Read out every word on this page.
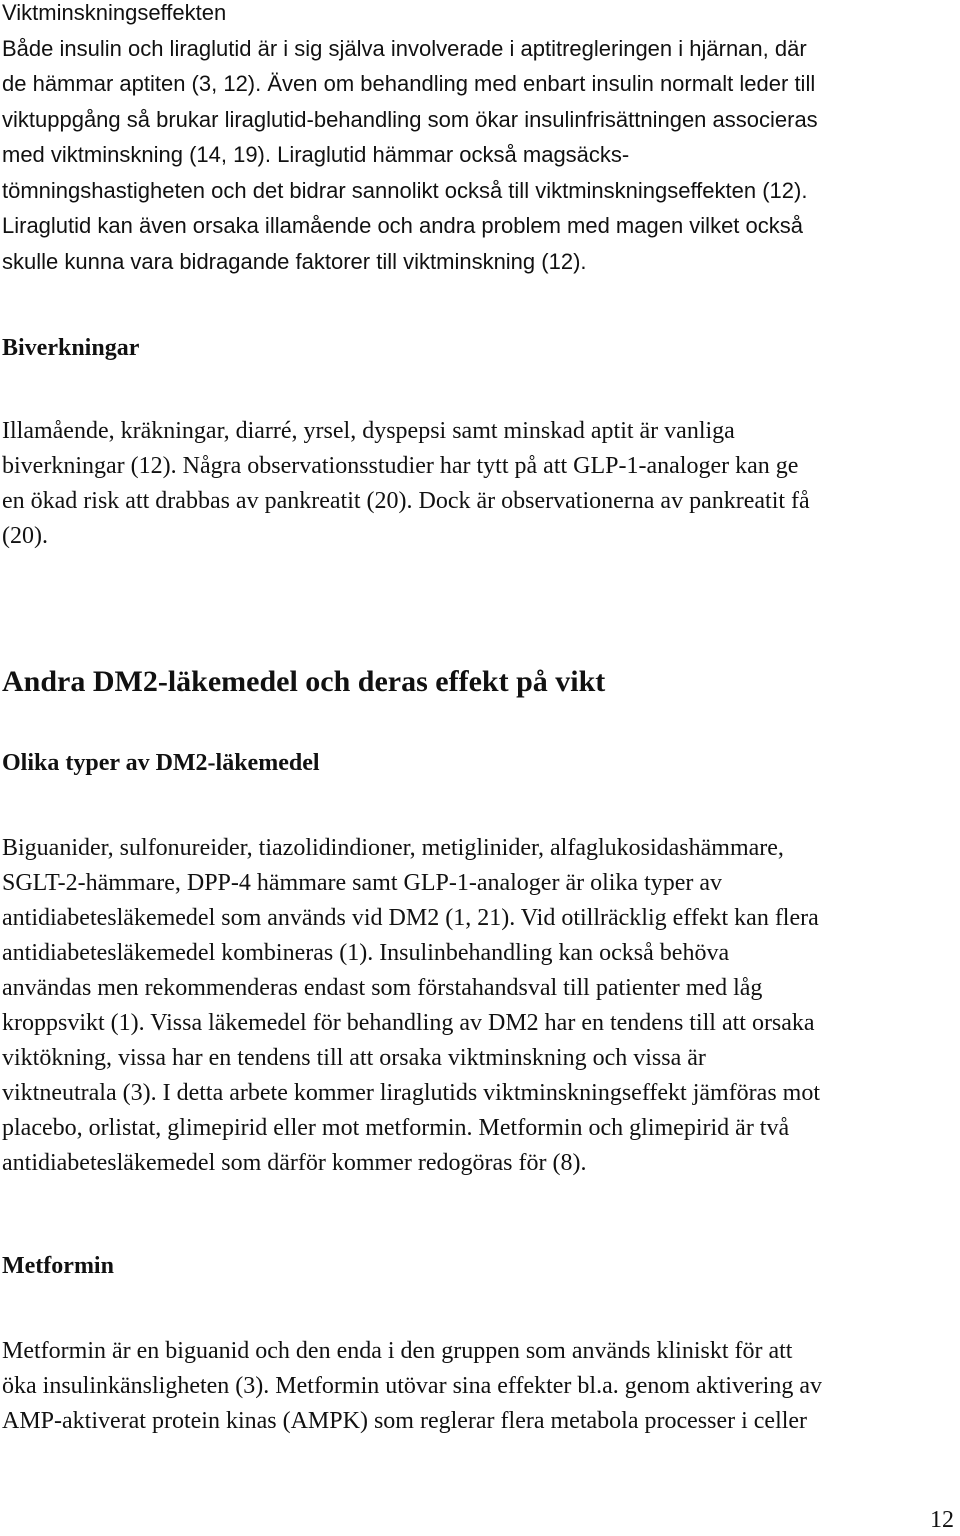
Viktminskningseffekten
Både insulin och liraglutid är i sig själva involverade i aptitregleringen i hjärnan, där
de hämmar aptiten (3, 12). Även om behandling med enbart insulin normalt leder till
viktuppgång så brukar liraglutid-behandling som ökar insulinfrisättningen associeras
med viktminskning (14, 19). Liraglutid hämmar också magsäcks-
tömningshastigheten och det bidrar sannolikt också till viktminskningseffekten (12).
Liraglutid kan även orsaka illamående och andra problem med magen vilket också
skulle kunna vara bidragande faktorer till viktminskning (12).
Biverkningar
Illamående, kräkningar, diarré, yrsel, dyspepsi samt minskad aptit är vanliga
biverkningar (12). Några observationsstudier har tytt på att GLP-1-analoger kan ge
en ökad risk att drabbas av pankreatit (20). Dock är observationerna av pankreatit få
(20).
Andra DM2-läkemedel och deras effekt på vikt
Olika typer av DM2-läkemedel
Biguanider, sulfonureider, tiazolidindioner, metiglinider, alfaglukosidashämmare,
SGLT-2-hämmare, DPP-4 hämmare samt GLP-1-analoger är olika typer av
antidiabetesläkemedel som används vid DM2 (1, 21). Vid otillräcklig effekt kan flera
antidiabetesläkemedel kombineras (1). Insulinbehandling kan också behöva
användas men rekommenderas endast som förstahandsval till patienter med låg
kroppsvikt (1). Vissa läkemedel för behandling av DM2 har en tendens till att orsaka
viktökning, vissa har en tendens till att orsaka viktminskning och vissa är
viktneutrala (3). I detta arbete kommer liraglutids viktminskningseffekt jämföras mot
placebo, orlistat, glimepirid eller mot metformin. Metformin och glimepirid är två
antidiabetesläkemedel som därför kommer redogöras för (8).
Metformin
Metformin är en biguanid och den enda i den gruppen som används kliniskt för att
öka insulinkänsligheten (3). Metformin utövar sina effekter bl.a. genom aktivering av
AMP-aktiverat protein kinas (AMPK) som reglerar flera metabola processer i celler
12
